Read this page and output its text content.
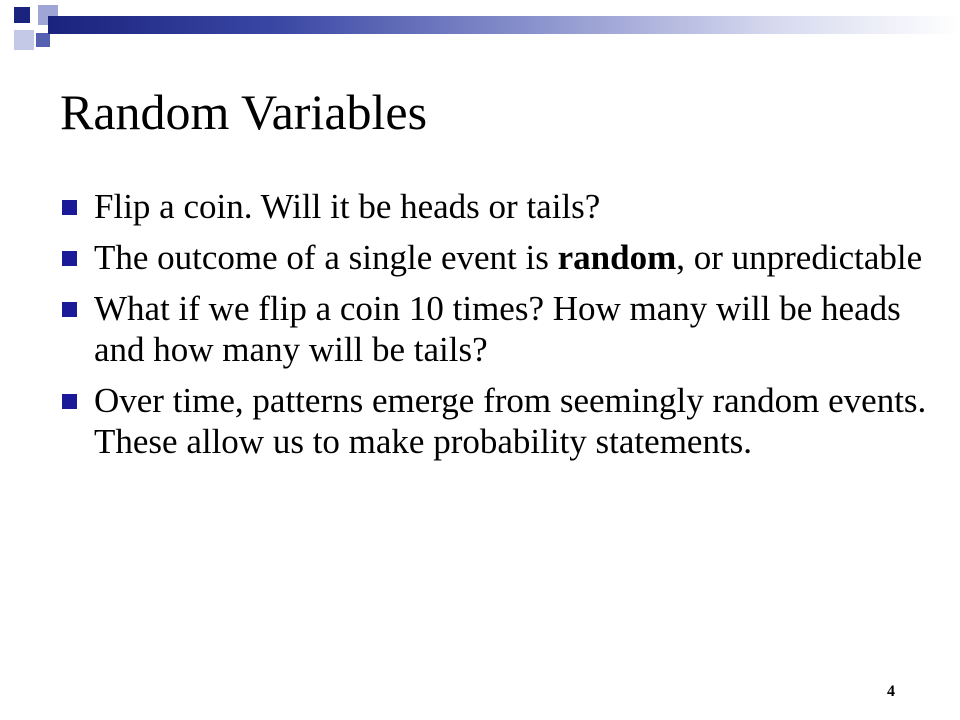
Random Variables
Flip a coin. Will it be heads or tails?
The outcome of a single event is random, or unpredictable
What if we flip a coin 10 times? How many will be heads and how many will be tails?
Over time, patterns emerge from seemingly random events. These allow us to make probability statements.
4
